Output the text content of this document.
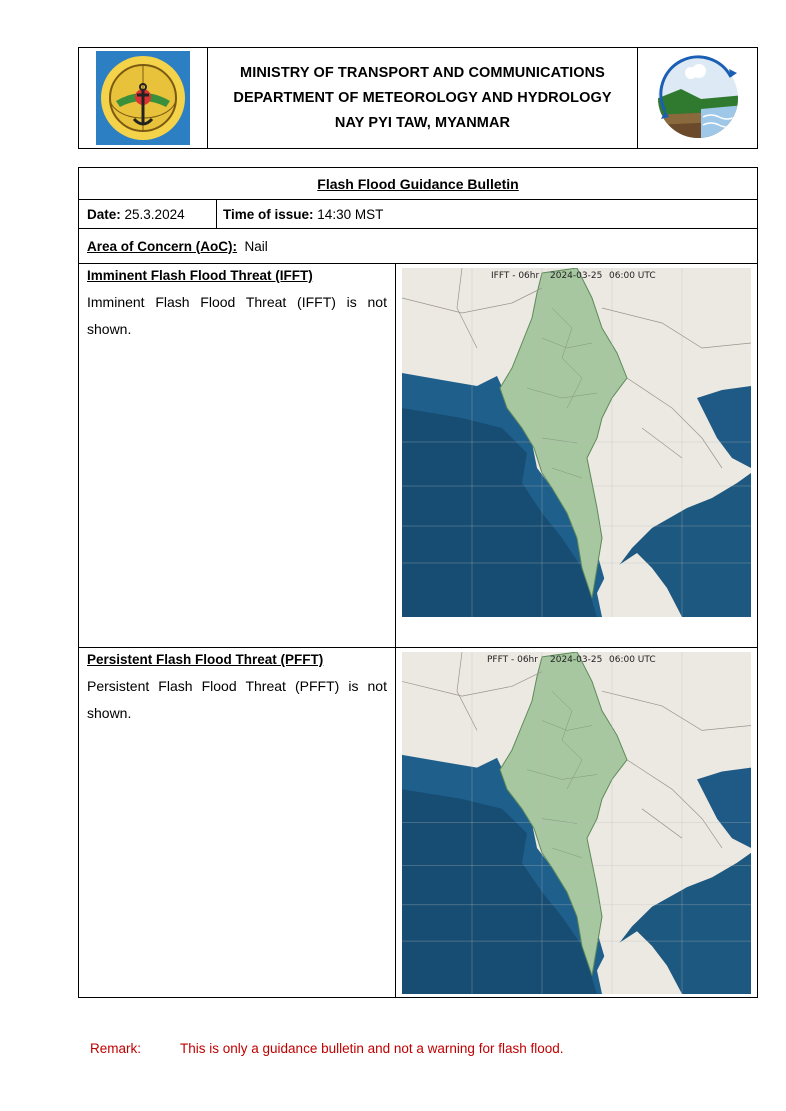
MINISTRY OF TRANSPORT AND COMMUNICATIONS
DEPARTMENT OF METEOROLOGY AND HYDROLOGY
NAY PYI TAW, MYANMAR
Flash Flood Guidance Bulletin
Date:
25.3.2024	Time of issue:
14:30 MST
Area of Concern (AoC):
Nail
Imminent Flash Flood Threat (IFFT)
Imminent Flash Flood Threat (IFFT) is not shown.
IFFT - 06hr 2024-03-25 06:00 UTC
Persistent Flash Flood Threat (PFFT)
Persistent Flash Flood Threat (PFFT) is not shown.
PFFT - 06hr 2024-03-25 06:00 UTC
Remark:	This is only a guidance bulletin and not a warning for flash flood.
